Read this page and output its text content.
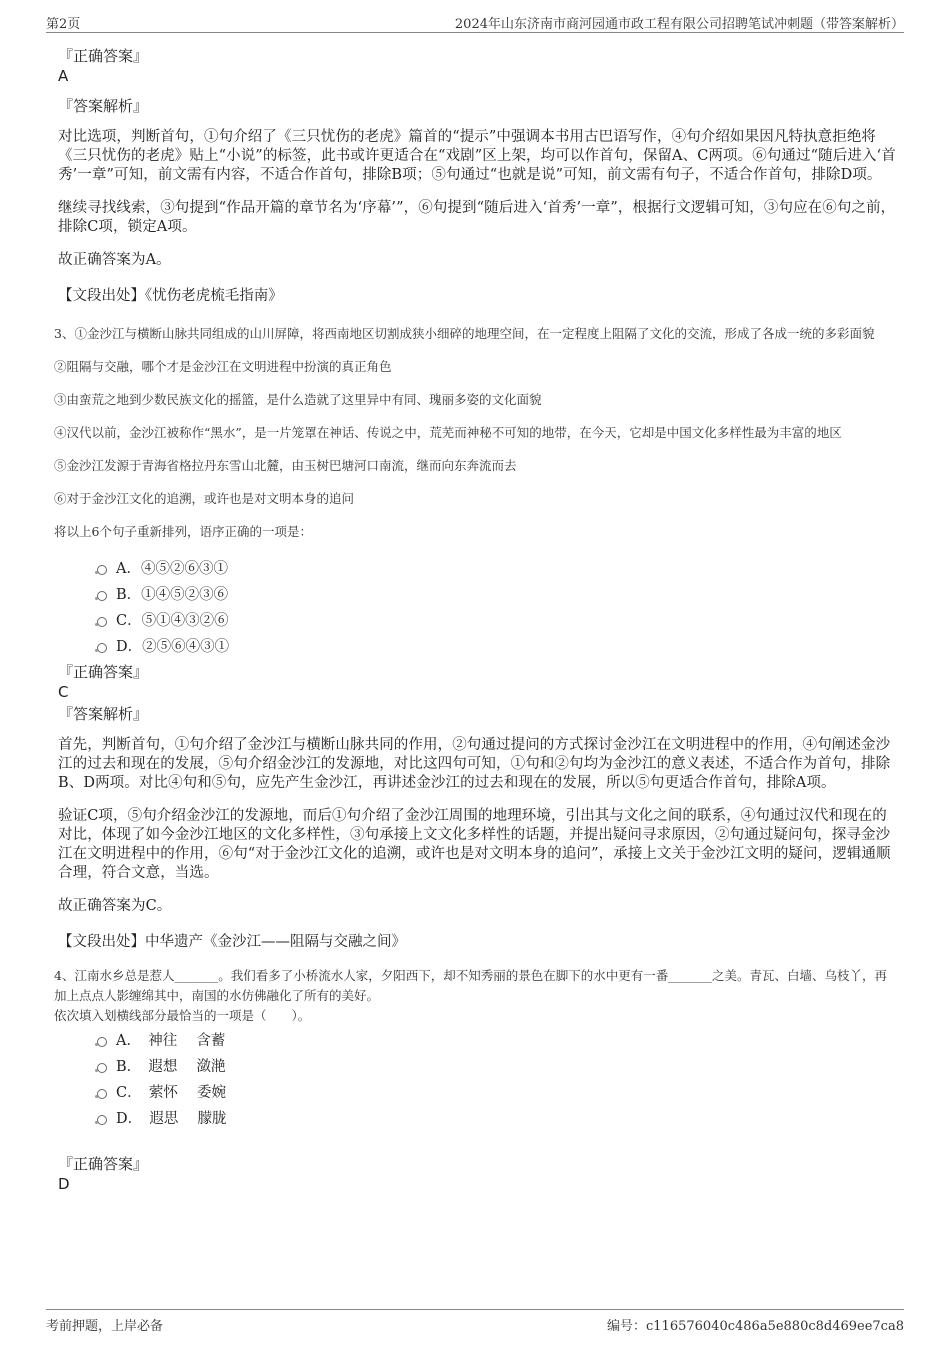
第2页	2024年山东济南市商河园通市政工程有限公司招聘笔试冲刺题（带答案解析）

『正确答案』

A

『答案解析』

对比选项，判断首句，①句介绍了《三只忧伤的老虎》篇首的“提示”中强调本书用古巴语写作，④句介绍如果因凡特执意拒绝将《三只忧伤的老虎》贴上“小说”的标签，此书或许更适合在“戏剧”区上架，均可以作首句，保留A、C两项。⑥句通过“随后进入‘首秀’一章”可知，前文需有内容，不适合作首句，排除B项；⑤句通过“也就是说”可知，前文需有句子，不适合作首句，排除D项。

继续寻找线索，③句提到“作品开篇的章节名为‘序幕’”，⑥句提到“随后进入‘首秀’一章”，根据行文逻辑可知，③句应在⑥句之前，排除C项，锁定A项。

故正确答案为A。

【文段出处】《忧伤老虎梳毛指南》

3、①金沙江与横断山脉共同组成的山川屏障，将西南地区切割成狭小细碎的地理空间，在一定程度上阻隔了文化的交流，形成了各成一统的多彩面貌

②阻隔与交融，哪个才是金沙江在文明进程中扮演的真正角色

③由蛮荒之地到少数民族文化的摇篮，是什么造就了这里异中有同、瑰丽多姿的文化面貌

④汉代以前，金沙江被称作“黑水”，是一片笼罩在神话、传说之中，荒芜而神秘不可知的地带，在今天，它却是中国文化多样性最为丰富的地区

⑤金沙江发源于青海省格拉丹东雪山北麓，由玉树巴塘河口南流，继而向东奔流而去

⑥对于金沙江文化的追溯，或许也是对文明本身的追问

将以上6个句子重新排列，语序正确的一项是：

A．④⑤②⑥③①
B．①④⑤②③⑥
C．⑤①④③②⑥
D．②⑤⑥④③①

『正确答案』

C

『答案解析』

首先，判断首句，①句介绍了金沙江与横断山脉共同的作用，②句通过提问的方式探讨金沙江在文明进程中的作用，④句阐述金沙江的过去和现在的发展，⑤句介绍金沙江的发源地，对比这四句可知，①句和②句均为金沙江的意义表述，不适合作为首句，排除B、D两项。对比④句和⑤句，应先产生金沙江，再讲述金沙江的过去和现在的发展，所以⑤句更适合作首句，排除A项。

验证C项，⑤句介绍金沙江的发源地，而后①句介绍了金沙江周围的地理环境，引出其与文化之间的联系，④句通过汉代和现在的对比，体现了如今金沙江地区的文化多样性，③句承接上文文化多样性的话题，并提出疑问寻求原因，②句通过疑问句，探寻金沙江在文明进程中的作用，⑥句“对于金沙江文化的追溯，或许也是对文明本身的追问”，承接上文关于金沙江文明的疑问，逻辑通顺合理，符合文意，当选。

故正确答案为C。

【文段出处】中华遗产《金沙江——阻隔与交融之间》

4、江南水乡总是惹人_______。我们看多了小桥流水人家，夕阳西下，却不知秀丽的景色在脚下的水中更有一番_______之美。青瓦、白墙、乌枝丫，再加上点点人影缠绵其中，南国的水仿佛融化了所有的美好。

依次填入划横线部分最恰当的一项是（　　）。

A．　神往　 含蓄
B．　遐想　 潋滟
C．　萦怀　 委婉
D．　遐思　 朦胧

『正确答案』

D

考前押题，上岸必备	编号：c116576040c486a5e880c8d469ee7ca8
